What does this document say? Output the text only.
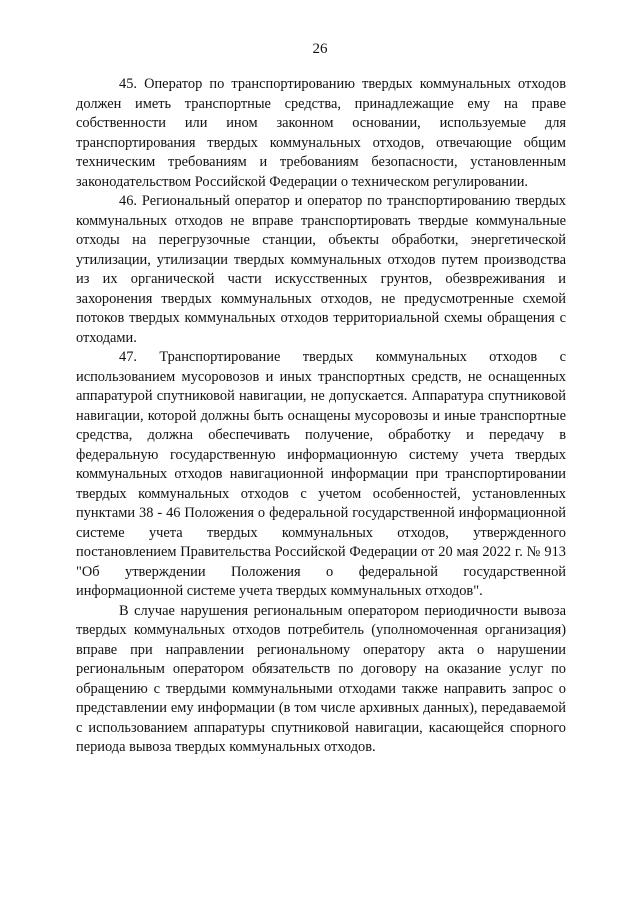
26

45. Оператор по транспортированию твердых коммунальных отходов должен иметь транспортные средства, принадлежащие ему на праве собственности или ином законном основании, используемые для транспортирования твердых коммунальных отходов, отвечающие общим техническим требованиям и требованиям безопасности, установленным законодательством Российской Федерации о техническом регулировании.

46. Региональный оператор и оператор по транспортированию твердых коммунальных отходов не вправе транспортировать твердые коммунальные отходы на перегрузочные станции, объекты обработки, энергетической утилизации, утилизации твердых коммунальных отходов путем производства из их органической части искусственных грунтов, обезвреживания и захоронения твердых коммунальных отходов, не предусмотренные схемой потоков твердых коммунальных отходов территориальной схемы обращения с отходами.

47. Транспортирование твердых коммунальных отходов с использованием мусоровозов и иных транспортных средств, не оснащенных аппаратурой спутниковой навигации, не допускается. Аппаратура спутниковой навигации, которой должны быть оснащены мусоровозы и иные транспортные средства, должна обеспечивать получение, обработку и передачу в федеральную государственную информационную систему учета твердых коммунальных отходов навигационной информации при транспортировании твердых коммунальных отходов с учетом особенностей, установленных пунктами 38 - 46 Положения о федеральной государственной информационной системе учета твердых коммунальных отходов, утвержденного постановлением Правительства Российской Федерации от 20 мая 2022 г. № 913 "Об утверждении Положения о федеральной государственной информационной системе учета твердых коммунальных отходов".

В случае нарушения региональным оператором периодичности вывоза твердых коммунальных отходов потребитель (уполномоченная организация) вправе при направлении региональному оператору акта о нарушении региональным оператором обязательств по договору на оказание услуг по обращению с твердыми коммунальными отходами также направить запрос о представлении ему информации (в том числе архивных данных), передаваемой с использованием аппаратуры спутниковой навигации, касающейся спорного периода вывоза твердых коммунальных отходов.
